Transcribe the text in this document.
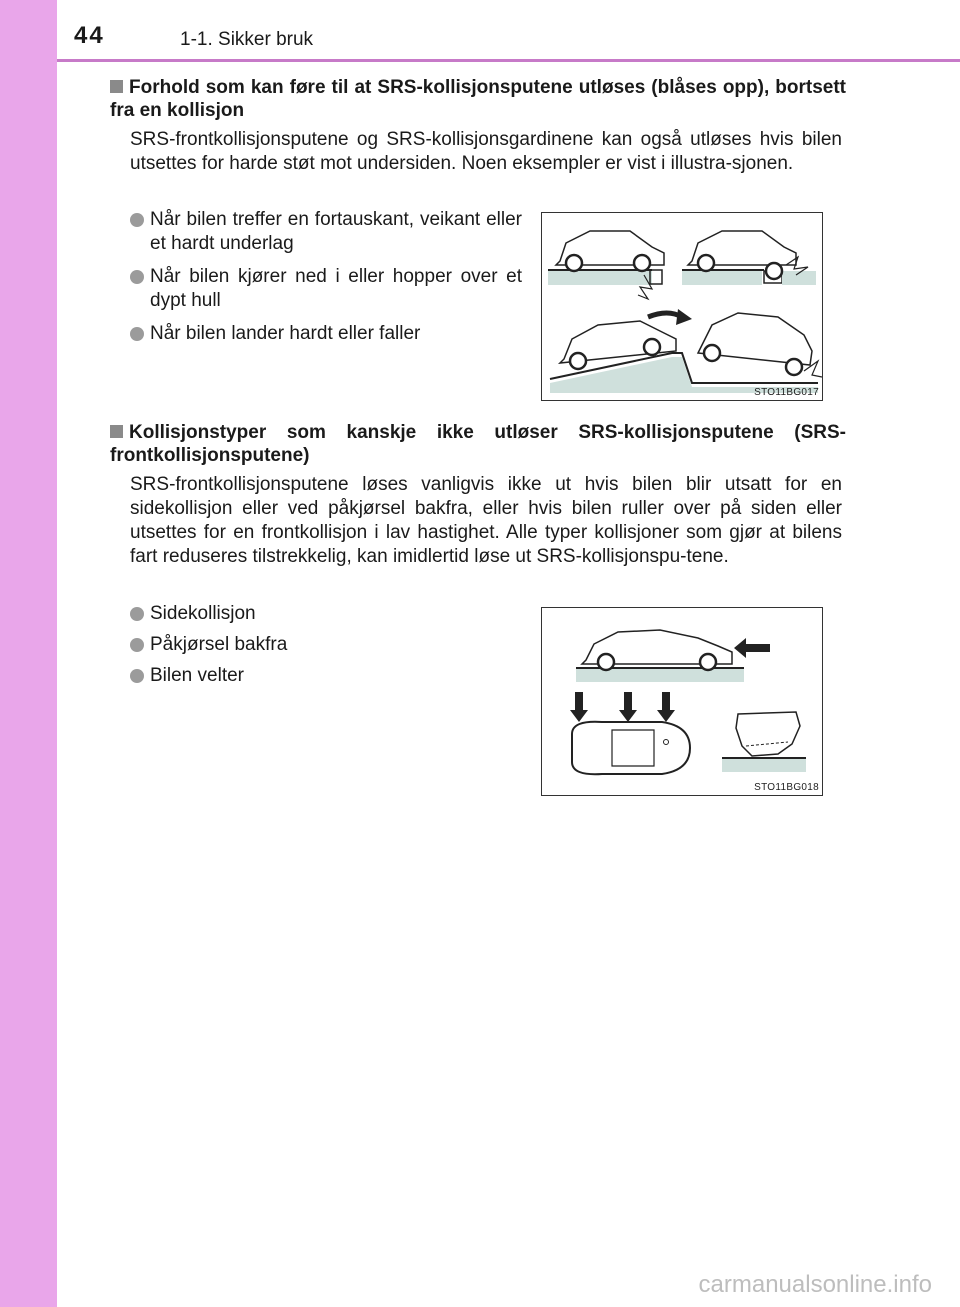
44	1-1. Sikker bruk
Forhold som kan føre til at SRS-kollisjonsputene utløses (blåses opp), bortsett fra en kollisjon
SRS-frontkollisjonsputene og SRS-kollisjonsgardinene kan også utløses hvis bilen utsettes for harde støt mot undersiden. Noen eksempler er vist i illustra-sjonen.
Når bilen treffer en fortauskant, veikant eller et hardt underlag
Når bilen kjører ned i eller hopper over et dypt hull
Når bilen lander hardt eller faller
STO11BG017
Kollisjonstyper som kanskje ikke utløser SRS-kollisjonsputene (SRS-frontkollisjonsputene)
SRS-frontkollisjonsputene løses vanligvis ikke ut hvis bilen blir utsatt for en sidekollisjon eller ved påkjørsel bakfra, eller hvis bilen ruller over på siden eller utsettes for en frontkollisjon i lav hastighet. Alle typer kollisjoner som gjør at bilens fart reduseres tilstrekkelig, kan imidlertid løse ut SRS-kollisjonspu-tene.
Sidekollisjon
Påkjørsel bakfra
Bilen velter
STO11BG018
carmanualsonline.info
